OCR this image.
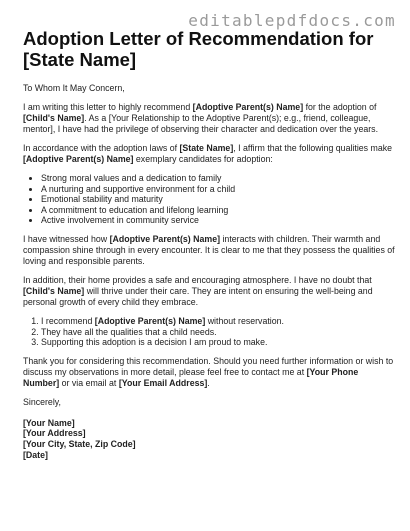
editablepdfdocs.com
Adoption Letter of Recommendation for [State Name]

To Whom It May Concern,

I am writing this letter to highly recommend [Adoptive Parent(s) Name] for the adoption of [Child's Name]. As a [Your Relationship to the Adoptive Parent(s); e.g., friend, colleague, mentor], I have had the privilege of observing their character and dedication over the years.

In accordance with the adoption laws of [State Name], I affirm that the following qualities make [Adoptive Parent(s) Name] exemplary candidates for adoption:

• Strong moral values and a dedication to family
• A nurturing and supportive environment for a child
• Emotional stability and maturity
• A commitment to education and lifelong learning
• Active involvement in community service

I have witnessed how [Adoptive Parent(s) Name] interacts with children. Their warmth and compassion shine through in every encounter. It is clear to me that they possess the qualities of loving and responsible parents.

In addition, their home provides a safe and encouraging atmosphere. I have no doubt that [Child's Name] will thrive under their care. They are intent on ensuring the well-being and personal growth of every child they embrace.

1. I recommend [Adoptive Parent(s) Name] without reservation.
2. They have all the qualities that a child needs.
3. Supporting this adoption is a decision I am proud to make.

Thank you for considering this recommendation. Should you need further information or wish to discuss my observations in more detail, please feel free to contact me at [Your Phone Number] or via email at [Your Email Address].

Sincerely,

[Your Name]
[Your Address]
[Your City, State, Zip Code]
[Date]
